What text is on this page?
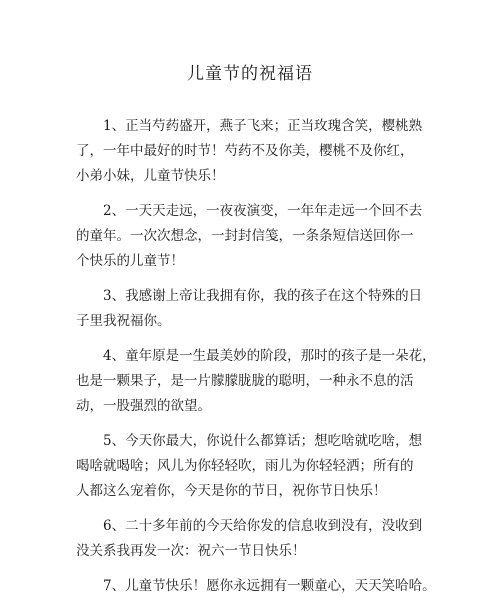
儿童节的祝福语
1、正当芍药盛开，燕子飞来；正当玫瑰含笑，樱桃熟
了，一年中最好的时节！芍药不及你美，樱桃不及你红，
小弟小妹，儿童节快乐！
2、一天天走远，一夜夜演变，一年年走远一个回不去
的童年。一次次想念，一封封信笺，一条条短信送回你一
个快乐的儿童节！
3、我感谢上帝让我拥有你，我的孩子在这个特殊的日
子里我祝福你。
4、童年原是一生最美妙的阶段，那时的孩子是一朵花，
也是一颗果子，是一片朦朦胧胧的聪明，一种永不息的活
动，一股强烈的欲望。
5、今天你最大，你说什么都算话；想吃啥就吃啥，想
喝啥就喝啥；风儿为你轻轻吹，雨儿为你轻轻洒；所有的
人都这么宠着你，今天是你的节日，祝你节日快乐！
6、二十多年前的今天给你发的信息收到没有，没收到
没关系我再发一次：祝六一节日快乐！
7、儿童节快乐！愿你永远拥有一颗童心，天天笑哈哈。
